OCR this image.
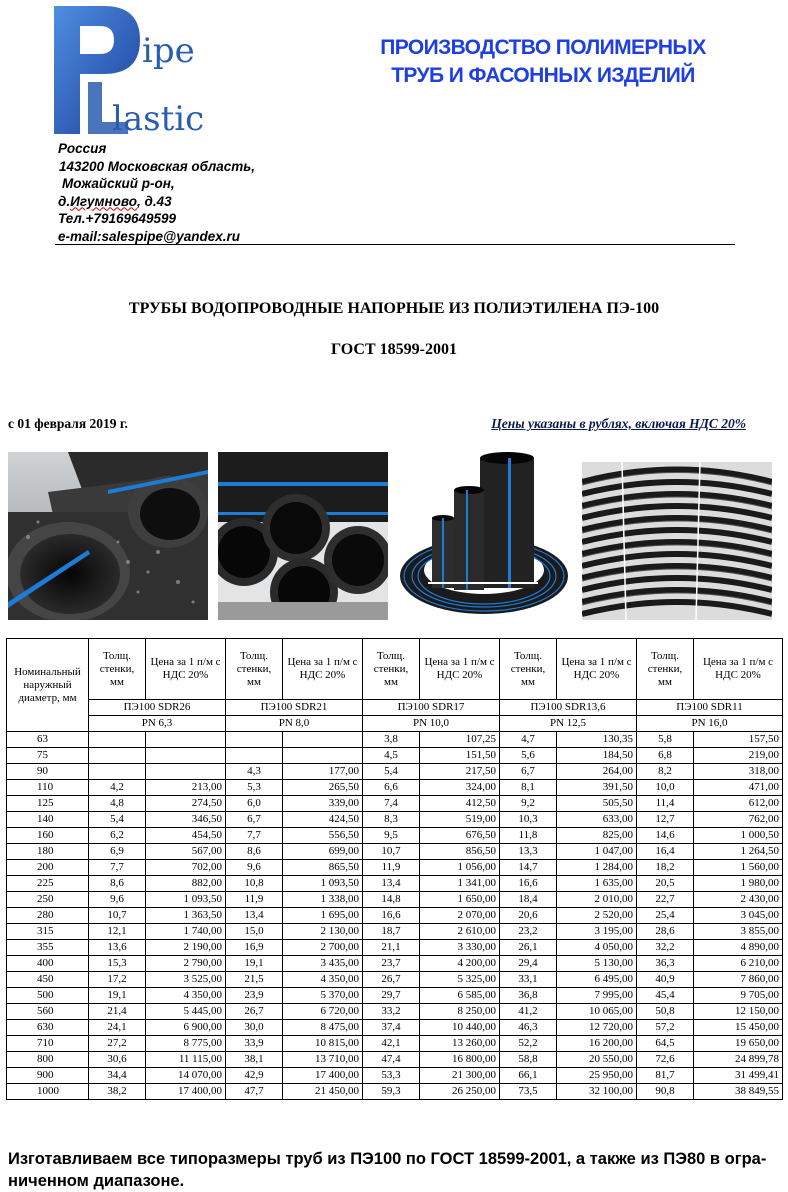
ipe
lastic
ПРОИЗВОДСТВО ПОЛИМЕРНЫХ
ТРУБ И ФАСОННЫХ ИЗДЕЛИЙ
Россия
143200 Московская область,
Можайский р-он,
д.Игумново, д.43
Тел.+79169649599
e-mail:salespipe@yandex.ru
ТРУБЫ ВОДОПРОВОДНЫЕ НАПОРНЫЕ ИЗ ПОЛИЭТИЛЕНА ПЭ-100
ГОСТ 18599-2001
с 01 февраля 2019 г.	Цены указаны в рублях, включая НДС 20%
Номинальный наружный диаметр, мм	Толщ. стенки, мм	Цена за 1 п/м с НДС 20%	Толщ. стенки, мм	Цена за 1 п/м с НДС 20%	Толщ. стенки, мм	Цена за 1 п/м с НДС 20%	Толщ. стенки, мм	Цена за 1 п/м с НДС 20%	Толщ. стенки, мм	Цена за 1 п/м с НДС 20%
	ПЭ100 SDR26		ПЭ100 SDR21		ПЭ100 SDR17		ПЭ100 SDR13,6		ПЭ100 SDR11	
	PN 6,3		PN 8,0		PN 10,0		PN 12,5		PN 16,0	
63					3,8	107,25	4,7	130,35	5,8	157,50
75					4,5	151,50	5,6	184,50	6,8	219,00
90			4,3	177,00	5,4	217,50	6,7	264,00	8,2	318,00
110	4,2	213,00	5,3	265,50	6,6	324,00	8,1	391,50	10,0	471,00
125	4,8	274,50	6,0	339,00	7,4	412,50	9,2	505,50	11,4	612,00
140	5,4	346,50	6,7	424,50	8,3	519,00	10,3	633,00	12,7	762,00
160	6,2	454,50	7,7	556,50	9,5	676,50	11,8	825,00	14,6	1 000,50
180	6,9	567,00	8,6	699,00	10,7	856,50	13,3	1 047,00	16,4	1 264,50
200	7,7	702,00	9,6	865,50	11,9	1 056,00	14,7	1 284,00	18,2	1 560,00
225	8,6	882,00	10,8	1 093,50	13,4	1 341,00	16,6	1 635,00	20,5	1 980,00
250	9,6	1 093,50	11,9	1 338,00	14,8	1 650,00	18,4	2 010,00	22,7	2 430,00
280	10,7	1 363,50	13,4	1 695,00	16,6	2 070,00	20,6	2 520,00	25,4	3 045,00
315	12,1	1 740,00	15,0	2 130,00	18,7	2 610,00	23,2	3 195,00	28,6	3 855,00
355	13,6	2 190,00	16,9	2 700,00	21,1	3 330,00	26,1	4 050,00	32,2	4 890,00
400	15,3	2 790,00	19,1	3 435,00	23,7	4 200,00	29,4	5 130,00	36,3	6 210,00
450	17,2	3 525,00	21,5	4 350,00	26,7	5 325,00	33,1	6 495,00	40,9	7 860,00
500	19,1	4 350,00	23,9	5 370,00	29,7	6 585,00	36,8	7 995,00	45,4	9 705,00
560	21,4	5 445,00	26,7	6 720,00	33,2	8 250,00	41,2	10 065,00	50,8	12 150,00
630	24,1	6 900,00	30,0	8 475,00	37,4	10 440,00	46,3	12 720,00	57,2	15 450,00
710	27,2	8 775,00	33,9	10 815,00	42,1	13 260,00	52,2	16 200,00	64,5	19 650,00
800	30,6	11 115,00	38,1	13 710,00	47,4	16 800,00	58,8	20 550,00	72,6	24 899,78
900	34,4	14 070,00	42,9	17 400,00	53,3	21 300,00	66,1	25 950,00	81,7	31 499,41
1000	38,2	17 400,00	47,7	21 450,00	59,3	26 250,00	73,5	32 100,00	90,8	38 849,55
Изготавливаем все типоразмеры труб из ПЭ100 по ГОСТ 18599-2001, а также из ПЭ80 в огра-
ниченном диапазоне.
